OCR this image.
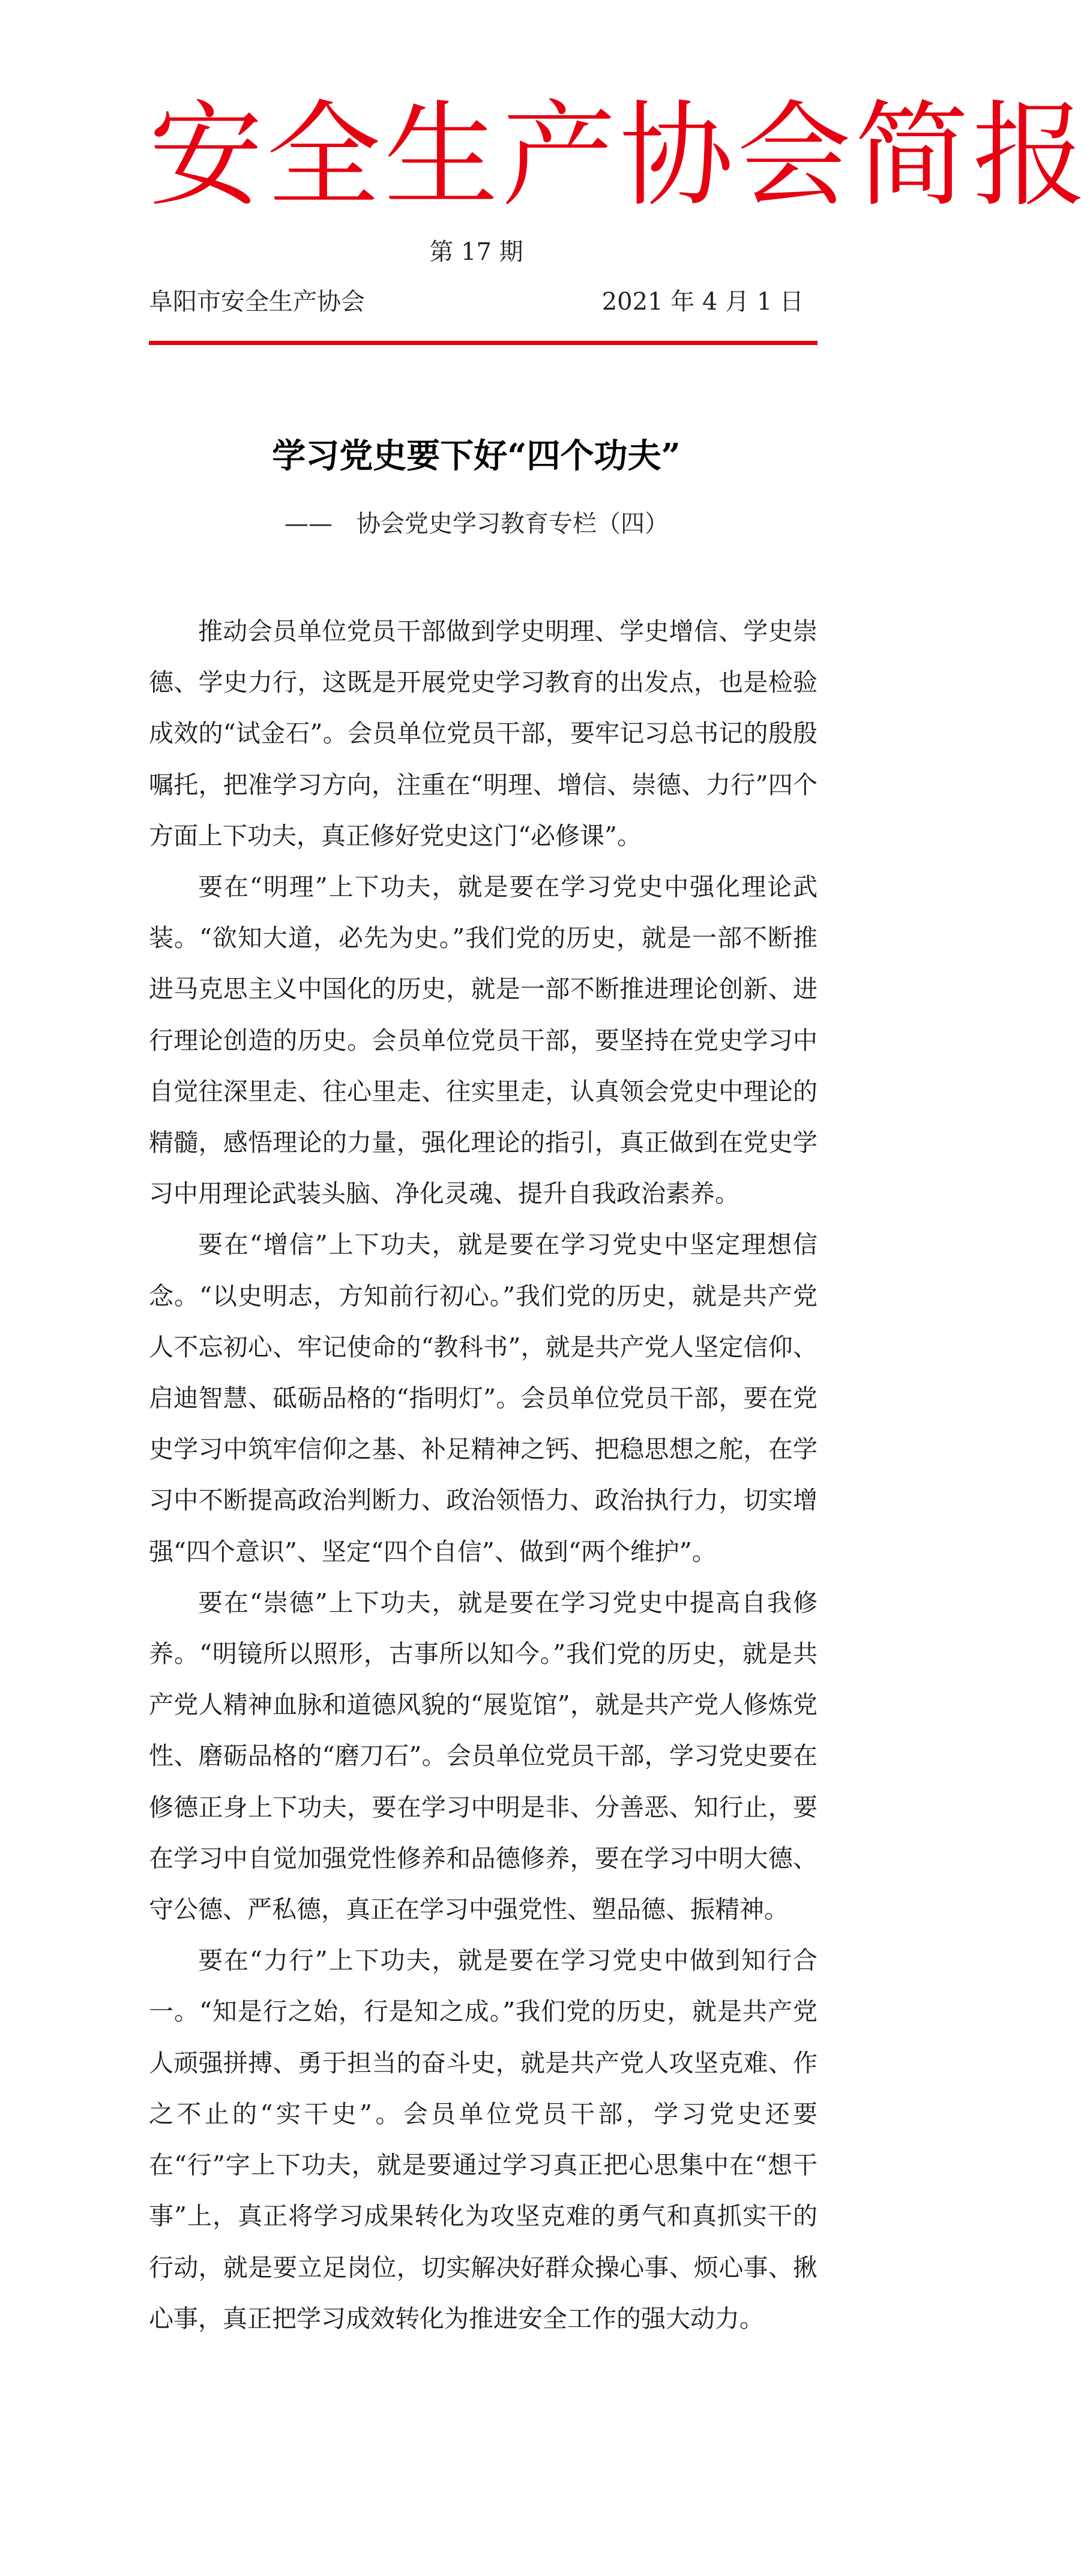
安全生产协会简报
第 17 期
阜阳市安全生产协会	2021 年 4 月 1 日
学习党史要下好“四个功夫”
—— 协会党史学习教育专栏（四）

推动会员单位党员干部做到学史明理、学史增信、学史崇德、学史力行，这既是开展党史学习教育的出发点，也是检验成效的“试金石”。会员单位党员干部，要牢记习总书记的殷殷嘱托，把准学习方向，注重在“明理、增信、崇德、力行”四个方面上下功夫，真正修好党史这门“必修课”。

要在“明理”上下功夫，就是要在学习党史中强化理论武装。“欲知大道，必先为史。”我们党的历史，就是一部不断推进马克思主义中国化的历史，就是一部不断推进理论创新、进行理论创造的历史。会员单位党员干部，要坚持在党史学习中自觉往深里走、往心里走、往实里走，认真领会党史中理论的精髓，感悟理论的力量，强化理论的指引，真正做到在党史学习中用理论武装头脑、净化灵魂、提升自我政治素养。

要在“增信”上下功夫，就是要在学习党史中坚定理想信念。“以史明志，方知前行初心。”我们党的历史，就是共产党人不忘初心、牢记使命的“教科书”，就是共产党人坚定信仰、启迪智慧、砥砺品格的“指明灯”。会员单位党员干部，要在党史学习中筑牢信仰之基、补足精神之钙、把稳思想之舵，在学习中不断提高政治判断力、政治领悟力、政治执行力，切实增强“四个意识”、坚定“四个自信”、做到“两个维护”。

要在“崇德”上下功夫，就是要在学习党史中提高自我修养。“明镜所以照形，古事所以知今。”我们党的历史，就是共产党人精神血脉和道德风貌的“展览馆”，就是共产党人修炼党性、磨砺品格的“磨刀石”。会员单位党员干部，学习党史要在修德正身上下功夫，要在学习中明是非、分善恶、知行止，要在学习中自觉加强党性修养和品德修养，要在学习中明大德、守公德、严私德，真正在学习中强党性、塑品德、振精神。

要在“力行”上下功夫，就是要在学习党史中做到知行合一。“知是行之始，行是知之成。”我们党的历史，就是共产党人顽强拼搏、勇于担当的奋斗史，就是共产党人攻坚克难、作之不止的“实干史”。会员单位党员干部，学习党史还要在“行”字上下功夫，就是要通过学习真正把心思集中在“想干事”上，真正将学习成果转化为攻坚克难的勇气和真抓实干的行动，就是要立足岗位，切实解决好群众操心事、烦心事、揪心事，真正把学习成效转化为推进安全工作的强大动力。
